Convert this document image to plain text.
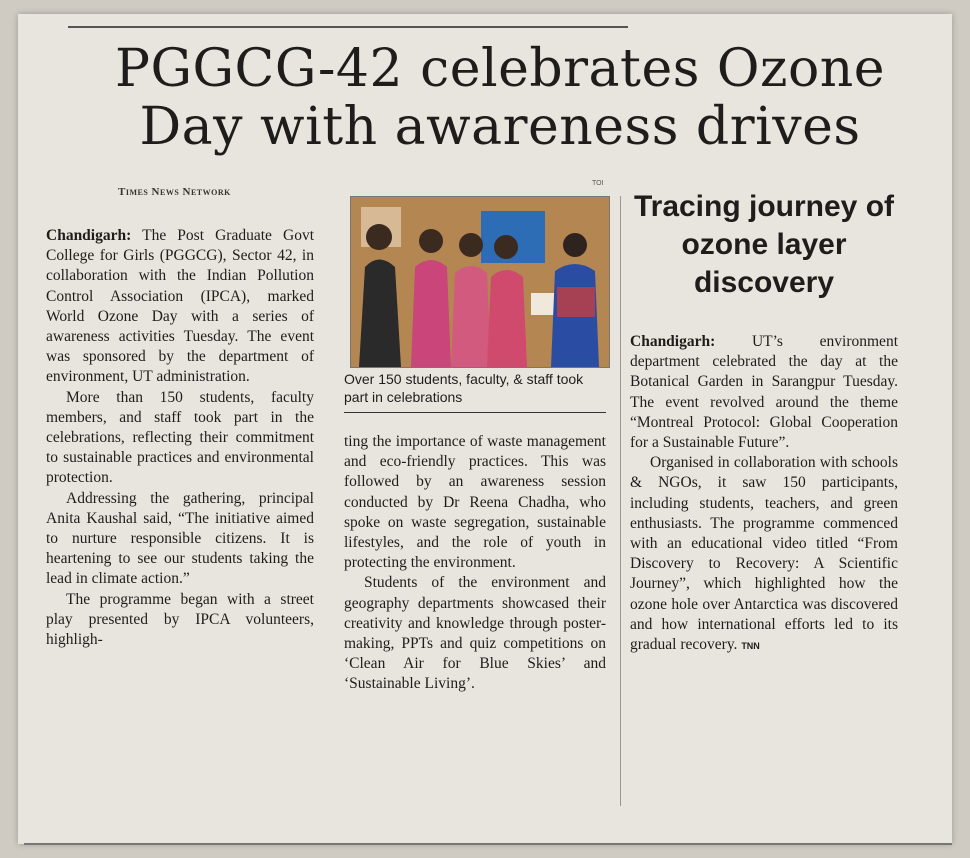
PGGCG-42 celebrates Ozone Day with awareness drives
Times News Network
TOI

Chandigarh: The Post Graduate Govt College for Girls (PGGCG), Sector 42, in collaboration with the Indian Pollution Control Association (IPCA), marked World Ozone Day with a series of awareness activities Tuesday. The event was sponsored by the department of environment, UT administration.

More than 150 students, faculty members, and staff took part in the celebrations, reflecting their commitment to sustainable practices and environmental protection.

Addressing the gathering, principal Anita Kaushal said, “The initiative aimed to nurture responsible citizens. It is heartening to see our students taking the lead in climate action.”

The programme began with a street play presented by IPCA volunteers, highligh-

Over 150 students, faculty, & staff took part in celebrations

ting the importance of waste management and eco-friendly practices. This was followed by an awareness session conducted by Dr Reena Chadha, who spoke on waste segregation, sustainable lifestyles, and the role of youth in protecting the environment.

Students of the environment and geography departments showcased their creativity and knowledge through poster-making, PPTs and quiz competitions on ‘Clean Air for Blue Skies’ and ‘Sustainable Living’.

Tracing journey of ozone layer discovery

Chandigarh: UT’s environment department celebrated the day at the Botanical Garden in Sarangpur Tuesday. The event revolved around the theme “Montreal Protocol: Global Cooperation for a Sustainable Future”.

Organised in collaboration with schools & NGOs, it saw 150 participants, including students, teachers, and green enthusiasts. The programme commenced with an educational video titled “From Discovery to Recovery: A Scientific Journey”, which highlighted how the ozone hole over Antarctica was discovered and how international efforts led to its gradual recovery. TNN
